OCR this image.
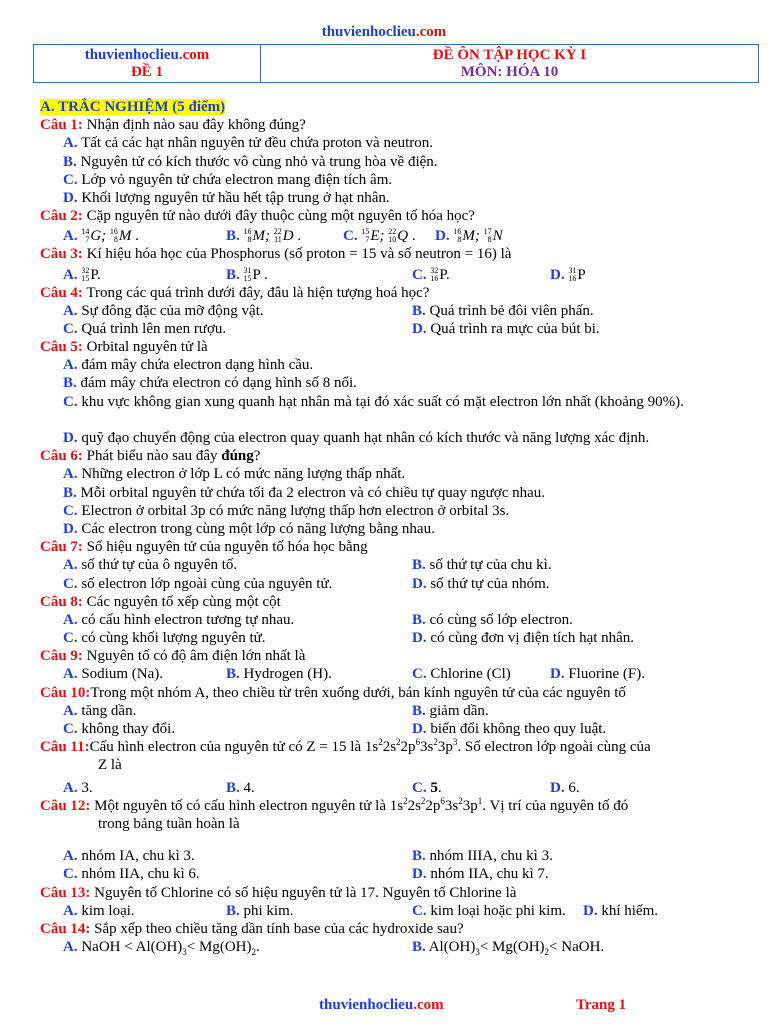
thuvienhoclieu.com
thuvienhoclieu.com
ĐỀ 1
ĐỀ ÔN TẬP HỌC KỲ I
MÔN: HÓA 10
A. TRẮC NGHIỆM (5 điểm)
Câu 1: Nhận định nào sau đây không đúng?
A. Tất cả các hạt nhân nguyên tử đều chứa proton và neutron.
B. Nguyên tử có kích thước vô cùng nhỏ và trung hòa về điện.
C. Lớp vỏ nguyên tử chứa electron mang điện tích âm.
D. Khối lượng nguyên tử hầu hết tập trung ở hạt nhân.
Câu 2: Cặp nguyên tử nào dưới đây thuộc cùng một nguyên tố hóa học?
A. 14
7G; 16
8M .	B. 16
8M; 22
11D .	C. 15
7E; 22
10Q . D. 16
8M; 17
8N
Câu 3: Kí hiệu hóa học của Phosphorus (số proton = 15 và số neutron = 16) là
A. 32
15P.	B. 31
15P .	C. 32
16P.	D. 31
16P
Câu 4: Trong các quá trình dưới đây, đâu là hiện tượng hoá học?
A. Sự đông đặc của mỡ động vật.	B. Quá trình bẻ đôi viên phấn.
C. Quá trình lên men rượu.	D. Quá trình ra mực của bút bi.
Câu 5: Orbital nguyên tử là
A. đám mây chứa electron dạng hình cầu.
B. đám mây chứa electron có dạng hình số 8 nổi.
C. khu vực không gian xung quanh hạt nhân mà tại đó xác suất có mặt electron lớn nhất (khoảng 90%).
D. quỹ đạo chuyển động của electron quay quanh hạt nhân có kích thước và năng lượng xác định.
Câu 6: Phát biểu nào sau đây đúng?
A. Những electron ở lớp L có mức năng lượng thấp nhất.
B. Mỗi orbital nguyên tử chứa tối đa 2 electron và có chiều tự quay ngược nhau.
C. Electron ở orbital 3p có mức năng lượng thấp hơn electron ở orbital 3s.
D. Các electron trong cùng một lớp có năng lượng bằng nhau.
Câu 7: Số hiệu nguyên tử của nguyên tố hóa học bằng
A. số thứ tự của ô nguyên tố.	B. số thứ tự của chu kì.
C. số electron lớp ngoài cùng của nguyên tử.	D. số thứ tự của nhóm.
Câu 8: Các nguyên tố xếp cùng một cột
A. có cấu hình electron tương tự nhau.	B. có cùng số lớp electron.
C. có cùng khối lượng nguyên tử.	D. có cùng đơn vị điện tích hạt nhân.
Câu 9: Nguyên tố có độ âm điện lớn nhất là
A. Sodium (Na).	B. Hydrogen (H).	C. Chlorine (Cl)	D. Fluorine (F).
Câu 10:Trong một nhóm A, theo chiều từ trên xuống dưới, bán kính nguyên tử của các nguyên tố
A. tăng dần.	B. giảm dần.
C. không thay đổi.	D. biến đổi không theo quy luật.
Câu 11:Cấu hình electron của nguyên tử có Z = 15 là $1s^22s^22p^63s^23p^3$. Số electron lớp ngoài cùng của
Z là
A. 3.	B. 4.	C. 5.	D. 6.
Câu 12: Một nguyên tố có cấu hình electron nguyên tử là $1s^22s^22p^63s^23p^1$. Vị trí của nguyên tố đó
trong bảng tuần hoàn là
A. nhóm IA, chu kì 3.	B. nhóm IIIA, chu kì 3.
C. nhóm IIA, chu kì 6.	D. nhóm IIA, chu kì 7.
Câu 13: Nguyên tố Chlorine có số hiệu nguyên tử là 17. Nguyên tố Chlorine là
A. kim loại.	B. phi kim.	C. kim loại hoặc phi kim. D. khí hiếm.
Câu 14: Sắp xếp theo chiều tăng dần tính base của các hydroxide sau?
A. NaOH < $Al(OH)_3< Mg(OH)_2$.	B. $Al(OH)_3< Mg(OH)_2<$ NaOH.
thuvienhoclieu.com	Trang 1
